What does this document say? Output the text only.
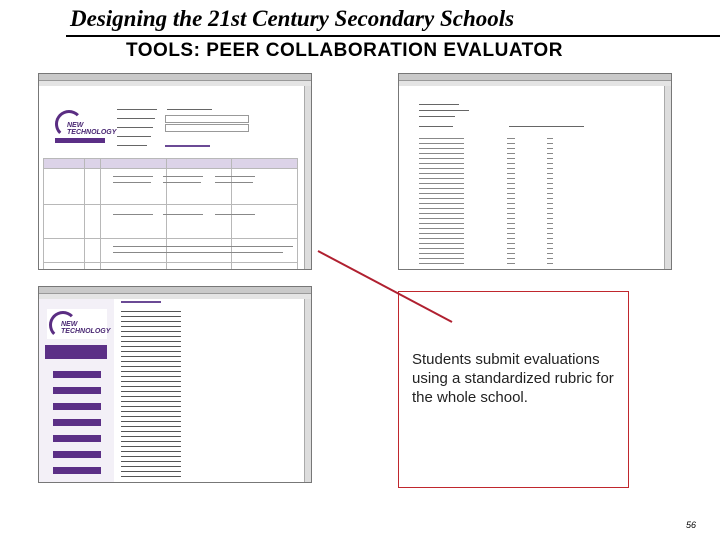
Designing the 21st Century Secondary Schools
TOOLS: PEER COLLABORATION EVALUATOR
NEW
TECHNOLOGY

NEW
TECHNOLOGY
Students submit evaluations using a standardized rubric for the whole school.
56
